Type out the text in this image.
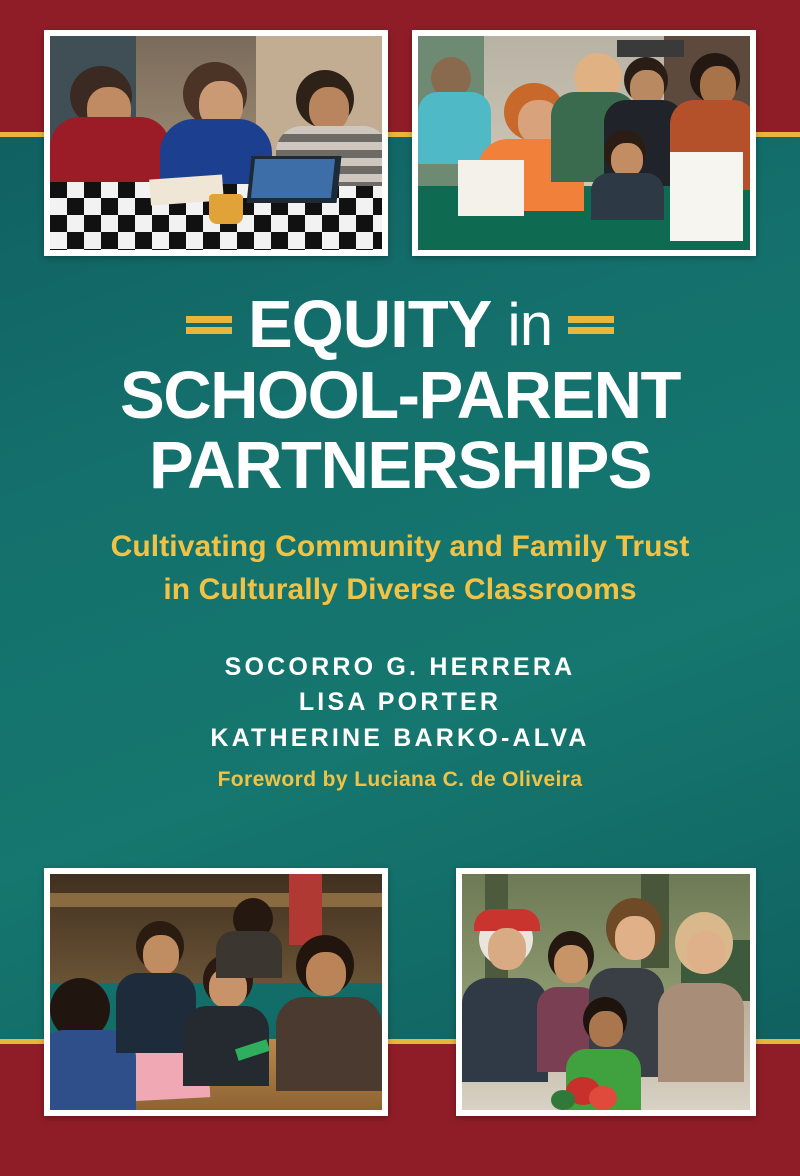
EQUITY in
SCHOOL-PARENT
PARTNERSHIPS
Cultivating Community and Family Trust
in Culturally Diverse Classrooms
SOCORRO G. HERRERA
LISA PORTER
KATHERINE BARKO-ALVA
Foreword by Luciana C. de Oliveira
